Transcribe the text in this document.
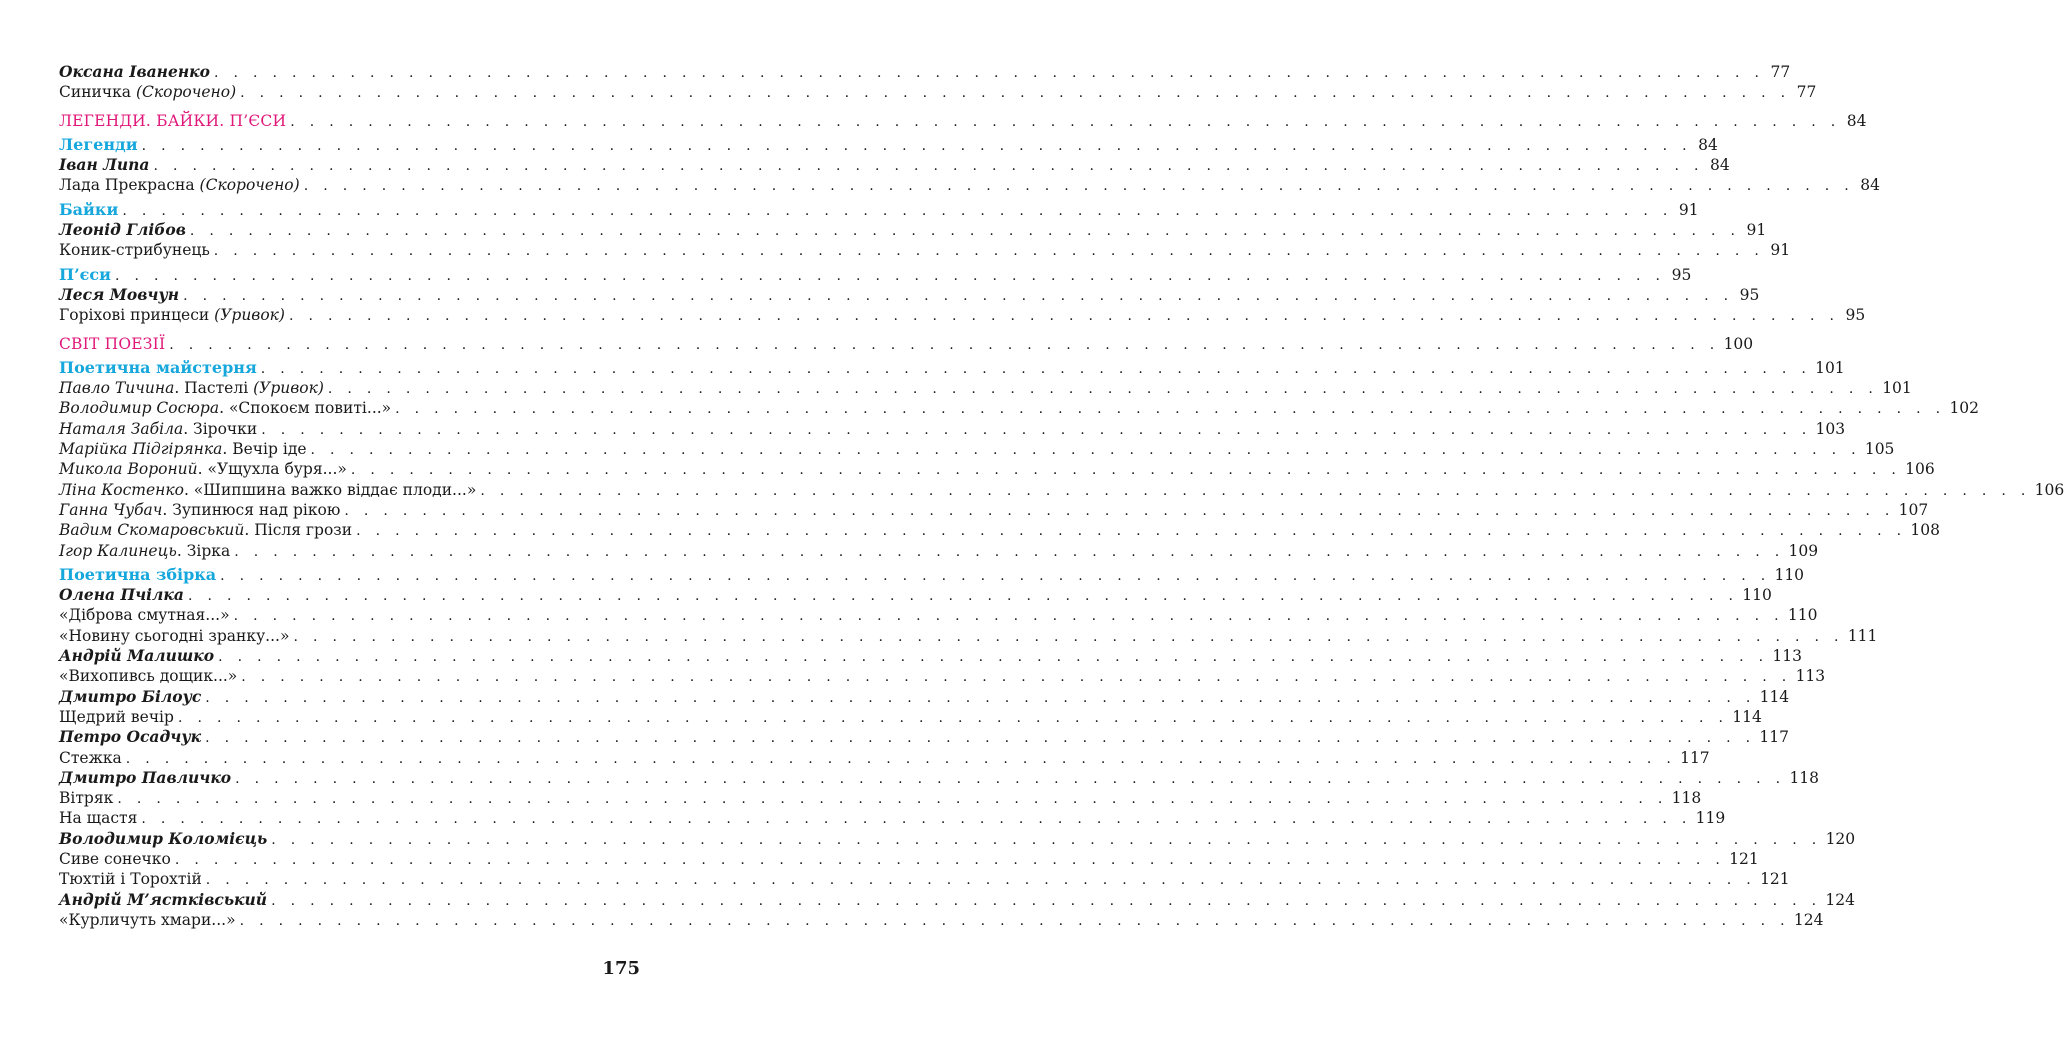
Оксана Іваненко . . . . . . . . . . . . . . . . . . . . . . . . . . . . . . . . . . . . . . . . . . . . . . . . . . . . . . . . . . . . . . . . . . . . . . . . . . . . . . . . 77
Синичка (Скорочено) . . . . . . . . . . . . . . . . . . . . . . . . . . . . . . . . . . . . . . . . . . . . . . . . . . . . . . . . . . . . . . . . . . . . . . . . . . . . . . . . 77
ЛЕГЕНДИ. БАЙКИ. П’ЄСИ . . . . . . . . . . . . . . . . . . . . . . . . . . . . . . . . . . . . . . . . . . . . . . . . . . . . . . . . . . . . . . . . . . . . . . . . . . . . . . . . 84
Легенди . . . . . . . . . . . . . . . . . . . . . . . . . . . . . . . . . . . . . . . . . . . . . . . . . . . . . . . . . . . . . . . . . . . . . . . . . . . . . . . . 84
Іван Липа . . . . . . . . . . . . . . . . . . . . . . . . . . . . . . . . . . . . . . . . . . . . . . . . . . . . . . . . . . . . . . . . . . . . . . . . . . . . . . . . 84
Лада Прекрасна (Скорочено) . . . . . . . . . . . . . . . . . . . . . . . . . . . . . . . . . . . . . . . . . . . . . . . . . . . . . . . . . . . . . . . . . . . . . . . . . . . . . . . . 84
Байки . . . . . . . . . . . . . . . . . . . . . . . . . . . . . . . . . . . . . . . . . . . . . . . . . . . . . . . . . . . . . . . . . . . . . . . . . . . . . . . . 91
Леонід Глібов . . . . . . . . . . . . . . . . . . . . . . . . . . . . . . . . . . . . . . . . . . . . . . . . . . . . . . . . . . . . . . . . . . . . . . . . . . . . . . . . 91
Коник-стрибунець . . . . . . . . . . . . . . . . . . . . . . . . . . . . . . . . . . . . . . . . . . . . . . . . . . . . . . . . . . . . . . . . . . . . . . . . . . . . . . . . 91
П’єси . . . . . . . . . . . . . . . . . . . . . . . . . . . . . . . . . . . . . . . . . . . . . . . . . . . . . . . . . . . . . . . . . . . . . . . . . . . . . . . . 95
Леся Мовчун . . . . . . . . . . . . . . . . . . . . . . . . . . . . . . . . . . . . . . . . . . . . . . . . . . . . . . . . . . . . . . . . . . . . . . . . . . . . . . . . 95
Горіхові принцеси (Уривок) . . . . . . . . . . . . . . . . . . . . . . . . . . . . . . . . . . . . . . . . . . . . . . . . . . . . . . . . . . . . . . . . . . . . . . . . . . . . . . . . 95
СВІТ ПОЕЗІЇ . . . . . . . . . . . . . . . . . . . . . . . . . . . . . . . . . . . . . . . . . . . . . . . . . . . . . . . . . . . . . . . . . . . . . . . . . . . . . . . . 100
Поетична майстерня . . . . . . . . . . . . . . . . . . . . . . . . . . . . . . . . . . . . . . . . . . . . . . . . . . . . . . . . . . . . . . . . . . . . . . . . . . . . . . . . 101
Павло Тичина. Пастелі (Уривок) . . . . . . . . . . . . . . . . . . . . . . . . . . . . . . . . . . . . . . . . . . . . . . . . . . . . . . . . . . . . . . . . . . . . . . . . . . . . . . . . 101
Володимир Сосюра. «Спокоєм повиті...» . . . . . . . . . . . . . . . . . . . . . . . . . . . . . . . . . . . . . . . . . . . . . . . . . . . . . . . . . . . . . . . . . . . . . . . . . . . . . . . . 102
Наталя Забіла. Зірочки . . . . . . . . . . . . . . . . . . . . . . . . . . . . . . . . . . . . . . . . . . . . . . . . . . . . . . . . . . . . . . . . . . . . . . . . . . . . . . . . 103
Марійка Підгірянка. Вечір іде . . . . . . . . . . . . . . . . . . . . . . . . . . . . . . . . . . . . . . . . . . . . . . . . . . . . . . . . . . . . . . . . . . . . . . . . . . . . . . . . 105
Микола Вороний. «Ущухла буря...» . . . . . . . . . . . . . . . . . . . . . . . . . . . . . . . . . . . . . . . . . . . . . . . . . . . . . . . . . . . . . . . . . . . . . . . . . . . . . . . . 106
Ліна Костенко. «Шипшина важко віддає плоди...» . . . . . . . . . . . . . . . . . . . . . . . . . . . . . . . . . . . . . . . . . . . . . . . . . . . . . . . . . . . . . . . . . . . . . . . . . . . . . . . . 106
Ганна Чубач. Зупинюся над рікою . . . . . . . . . . . . . . . . . . . . . . . . . . . . . . . . . . . . . . . . . . . . . . . . . . . . . . . . . . . . . . . . . . . . . . . . . . . . . . . . 107
Вадим Скомаровський. Після грози . . . . . . . . . . . . . . . . . . . . . . . . . . . . . . . . . . . . . . . . . . . . . . . . . . . . . . . . . . . . . . . . . . . . . . . . . . . . . . . . 108
Ігор Калинець. Зірка . . . . . . . . . . . . . . . . . . . . . . . . . . . . . . . . . . . . . . . . . . . . . . . . . . . . . . . . . . . . . . . . . . . . . . . . . . . . . . . . 109
Поетична збірка . . . . . . . . . . . . . . . . . . . . . . . . . . . . . . . . . . . . . . . . . . . . . . . . . . . . . . . . . . . . . . . . . . . . . . . . . . . . . . . . 110
Олена Пчілка . . . . . . . . . . . . . . . . . . . . . . . . . . . . . . . . . . . . . . . . . . . . . . . . . . . . . . . . . . . . . . . . . . . . . . . . . . . . . . . . 110
«Діброва смутная...» . . . . . . . . . . . . . . . . . . . . . . . . . . . . . . . . . . . . . . . . . . . . . . . . . . . . . . . . . . . . . . . . . . . . . . . . . . . . . . . . 110
«Новину сьогодні зранку...» . . . . . . . . . . . . . . . . . . . . . . . . . . . . . . . . . . . . . . . . . . . . . . . . . . . . . . . . . . . . . . . . . . . . . . . . . . . . . . . . 111
Андрій Малишко . . . . . . . . . . . . . . . . . . . . . . . . . . . . . . . . . . . . . . . . . . . . . . . . . . . . . . . . . . . . . . . . . . . . . . . . . . . . . . . . 113
«Вихопивсь дощик...» . . . . . . . . . . . . . . . . . . . . . . . . . . . . . . . . . . . . . . . . . . . . . . . . . . . . . . . . . . . . . . . . . . . . . . . . . . . . . . . . 113
Дмитро Білоус . . . . . . . . . . . . . . . . . . . . . . . . . . . . . . . . . . . . . . . . . . . . . . . . . . . . . . . . . . . . . . . . . . . . . . . . . . . . . . . . 114
Щедрий вечір . . . . . . . . . . . . . . . . . . . . . . . . . . . . . . . . . . . . . . . . . . . . . . . . . . . . . . . . . . . . . . . . . . . . . . . . . . . . . . . . 114
Петро Осадчук . . . . . . . . . . . . . . . . . . . . . . . . . . . . . . . . . . . . . . . . . . . . . . . . . . . . . . . . . . . . . . . . . . . . . . . . . . . . . . . . 117
Стежка . . . . . . . . . . . . . . . . . . . . . . . . . . . . . . . . . . . . . . . . . . . . . . . . . . . . . . . . . . . . . . . . . . . . . . . . . . . . . . . . 117
Дмитро Павличко . . . . . . . . . . . . . . . . . . . . . . . . . . . . . . . . . . . . . . . . . . . . . . . . . . . . . . . . . . . . . . . . . . . . . . . . . . . . . . . . 118
Вітряк . . . . . . . . . . . . . . . . . . . . . . . . . . . . . . . . . . . . . . . . . . . . . . . . . . . . . . . . . . . . . . . . . . . . . . . . . . . . . . . . 118
На щастя . . . . . . . . . . . . . . . . . . . . . . . . . . . . . . . . . . . . . . . . . . . . . . . . . . . . . . . . . . . . . . . . . . . . . . . . . . . . . . . . 119
Володимир Коломієць . . . . . . . . . . . . . . . . . . . . . . . . . . . . . . . . . . . . . . . . . . . . . . . . . . . . . . . . . . . . . . . . . . . . . . . . . . . . . . . . 120
Сиве сонечко . . . . . . . . . . . . . . . . . . . . . . . . . . . . . . . . . . . . . . . . . . . . . . . . . . . . . . . . . . . . . . . . . . . . . . . . . . . . . . . . 121
Тюхтій і Торохтій . . . . . . . . . . . . . . . . . . . . . . . . . . . . . . . . . . . . . . . . . . . . . . . . . . . . . . . . . . . . . . . . . . . . . . . . . . . . . . . . 121
Андрій М’ястківський . . . . . . . . . . . . . . . . . . . . . . . . . . . . . . . . . . . . . . . . . . . . . . . . . . . . . . . . . . . . . . . . . . . . . . . . . . . . . . . . 124
«Курличуть хмари...» . . . . . . . . . . . . . . . . . . . . . . . . . . . . . . . . . . . . . . . . . . . . . . . . . . . . . . . . . . . . . . . . . . . . . . . . . . . . . . . . 124
175
